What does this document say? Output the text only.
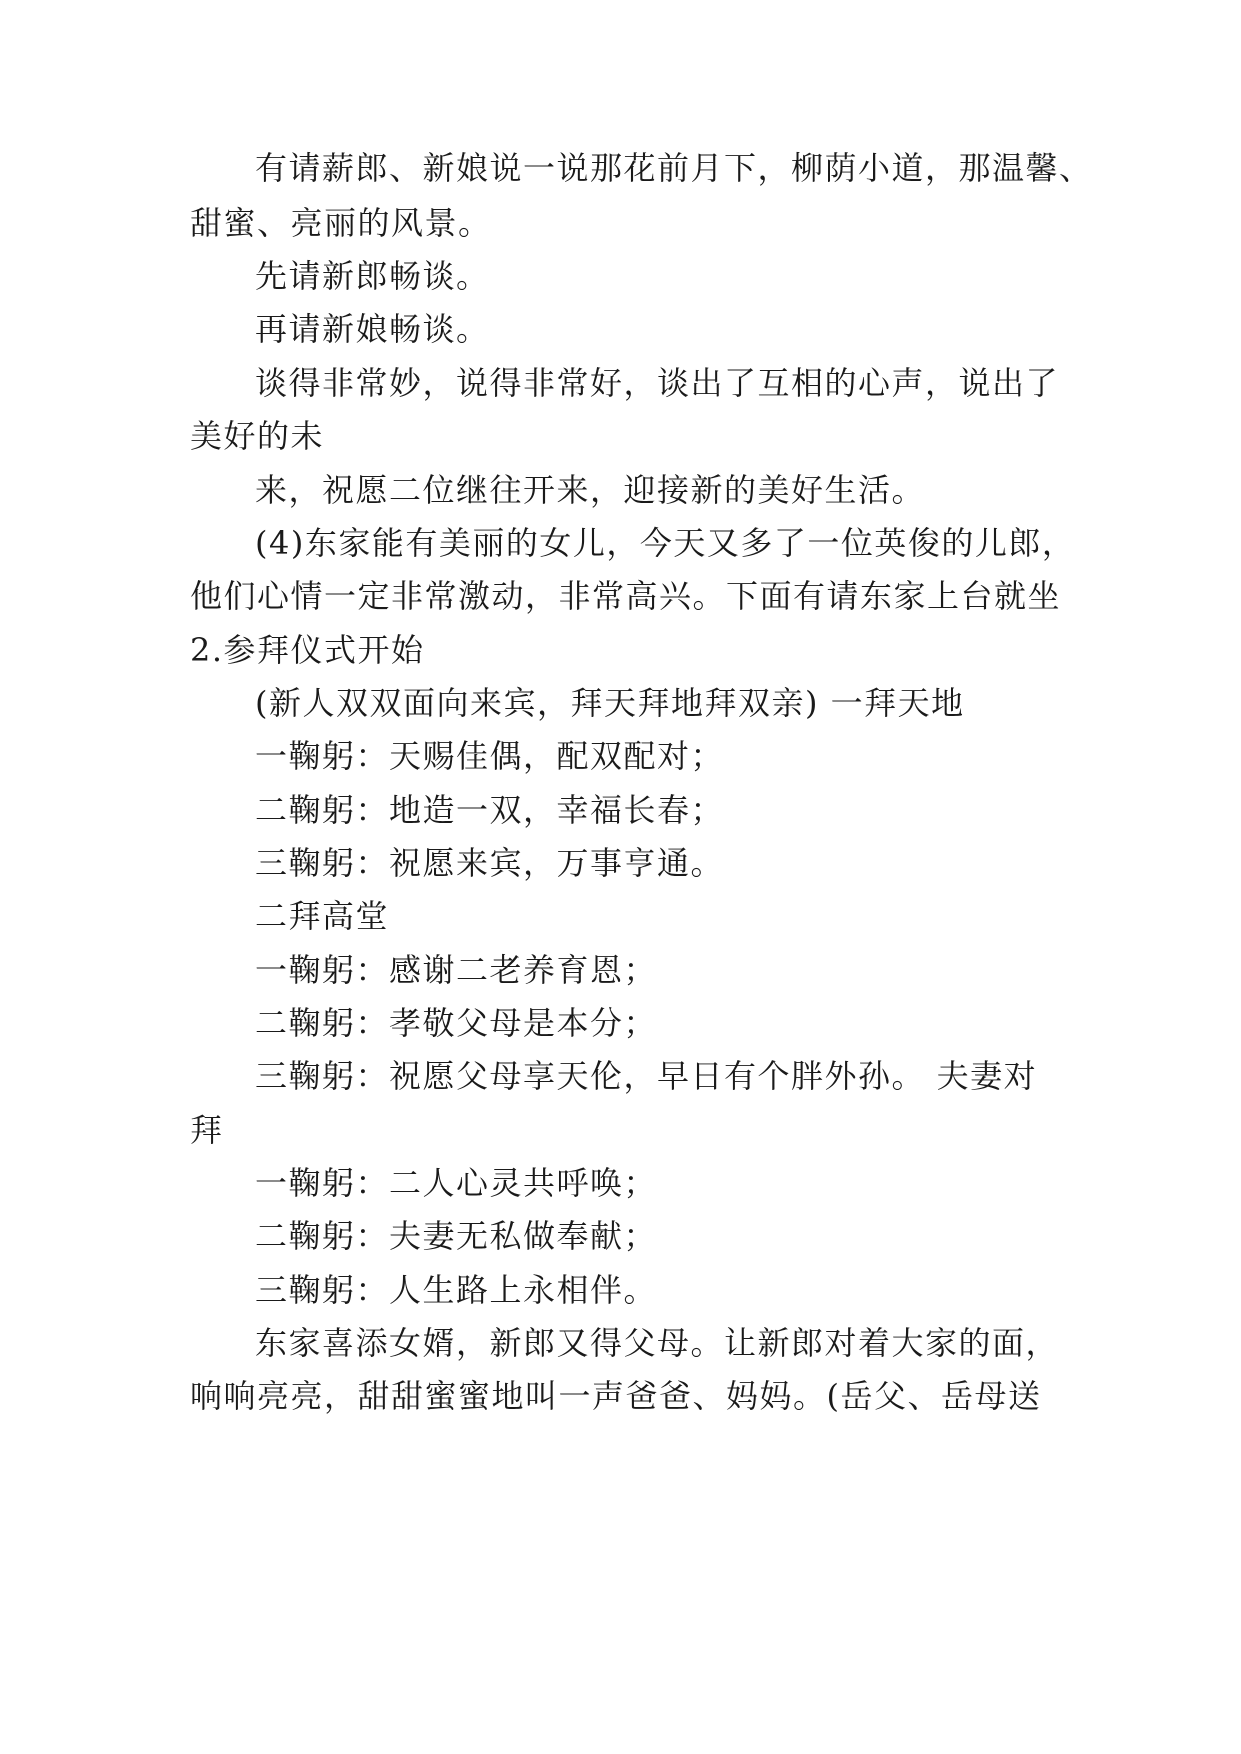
有请薪郎、新娘说一说那花前月下，柳荫小道，那温馨、
甜蜜、亮丽的风景。
先请新郎畅谈。
再请新娘畅谈。
谈得非常妙，说得非常好，谈出了互相的心声，说出了
美好的未
来，祝愿二位继往开来，迎接新的美好生活。
(4)东家能有美丽的女儿，今天又多了一位英俊的儿郎，
他们心情一定非常激动，非常高兴。下面有请东家上台就坐
2.参拜仪式开始
(新人双双面向来宾，拜天拜地拜双亲) 一拜天地
一鞠躬：天赐佳偶，配双配对；
二鞠躬：地造一双，幸福长春；
三鞠躬：祝愿来宾，万事亨通。
二拜高堂
一鞠躬：感谢二老养育恩；
二鞠躬：孝敬父母是本分；
三鞠躬：祝愿父母享天伦，早日有个胖外孙。 夫妻对
拜
一鞠躬：二人心灵共呼唤；
二鞠躬：夫妻无私做奉献；
三鞠躬：人生路上永相伴。
东家喜添女婿，新郎又得父母。让新郎对着大家的面，
响响亮亮，甜甜蜜蜜地叫一声爸爸、妈妈。(岳父、岳母送
